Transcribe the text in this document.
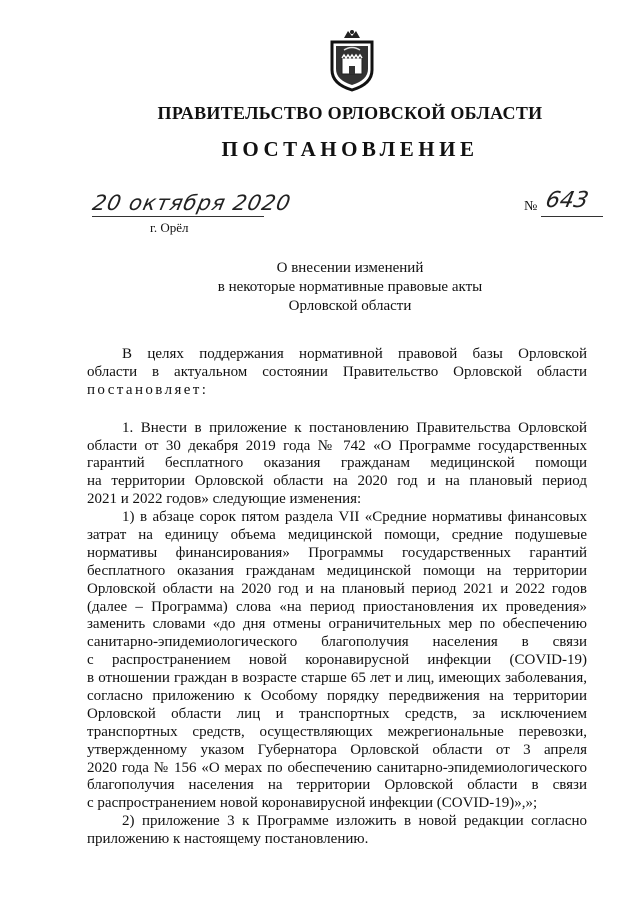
ПРАВИТЕЛЬСТВО ОРЛОВСКОЙ ОБЛАСТИ
ПОСТАНОВЛЕНИЕ
20 октября 2020	№ 643
г. Орёл
О внесении изменений
в некоторые нормативные правовые акты
Орловской области
В целях поддержания нормативной правовой базы Орловской
области в актуальном состоянии Правительство Орловской области
постановляет:
1. Внести в приложение к постановлению Правительства Орловской
области от 30 декабря 2019 года № 742 «О Программе государственных
гарантий бесплатного оказания гражданам медицинской помощи
на территории Орловской области на 2020 год и на плановый период
2021 и 2022 годов» следующие изменения:
1) в абзаце сорок пятом раздела VII «Средние нормативы финансовых
затрат на единицу объема медицинской помощи, средние подушевые
нормативы финансирования» Программы государственных гарантий
бесплатного оказания гражданам медицинской помощи на территории
Орловской области на 2020 год и на плановый период 2021 и 2022 годов
(далее – Программа) слова «на период приостановления их проведения»
заменить словами «до дня отмены ограничительных мер по обеспечению
санитарно-эпидемиологического благополучия населения в связи
с распространением новой коронавирусной инфекции (COVID-19)
в отношении граждан в возрасте старше 65 лет и лиц, имеющих заболевания,
согласно приложению к Особому порядку передвижения на территории
Орловской области лиц и транспортных средств, за исключением
транспортных средств, осуществляющих межрегиональные перевозки,
утвержденному указом Губернатора Орловской области от 3 апреля
2020 года № 156 «О мерах по обеспечению санитарно-эпидемиологического
благополучия населения на территории Орловской области в связи
с распространением новой коронавирусной инфекции (COVID-19)»,»;
2) приложение 3 к Программе изложить в новой редакции согласно
приложению к настоящему постановлению.
